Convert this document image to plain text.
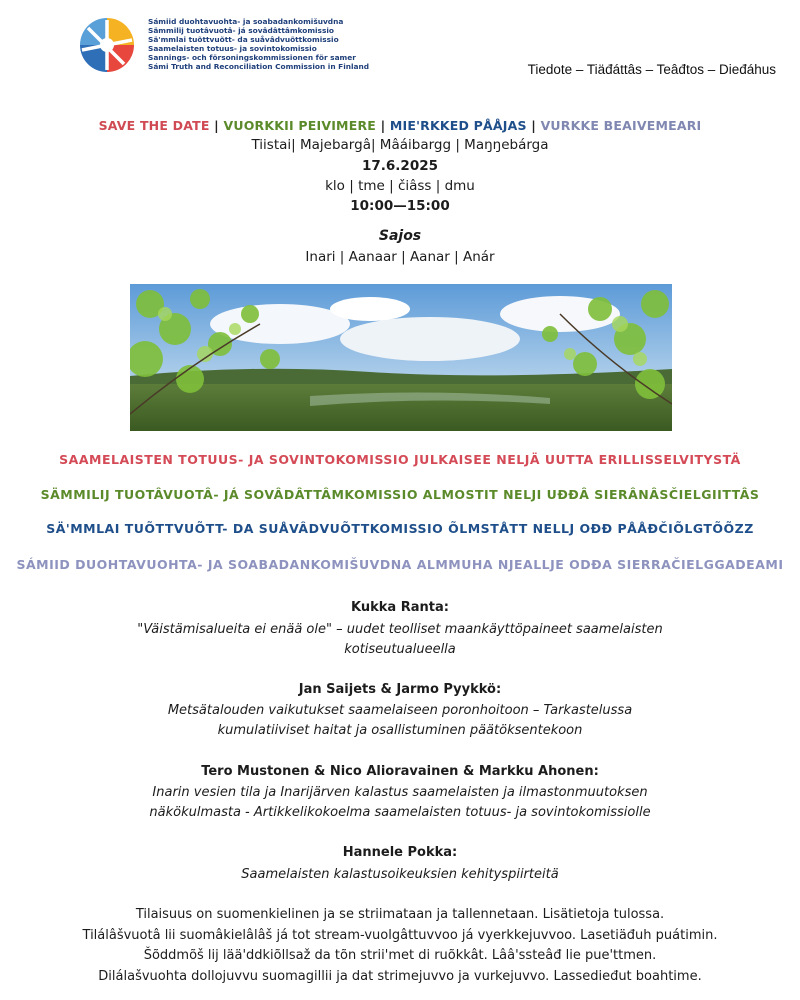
Sámiid duohtavuohta- ja soabadankomišuvdna
Sämmilij tuotâvuotâ- já sovâdâttâmkomissio
Sä'mmlai tuõttvuõtt- da suåvâdvuõttkomissio
Saamelaisten totuus- ja sovintokomissio
Sannings- och försoningskommissionen för samer
Sámi Truth and Reconciliation Commission in Finland	Tiedote – Tiäđáttâs – Teâđtos – Dieđáhus
SAVE THE DATE | VUORKKII PEIVIMERE | MIE'RKKED PÅÅJAS | VURKKE BEAIVEMEARI
Tiistai| Majebargâ| Mâáibargg | Maŋŋebárga
17.6.2025
klo | tme | čiâss | dmu
10:00—15:00
Sajos
Inari | Aanaar | Aanar | Anár
SAAMELAISTEN TOTUUS- JA SOVINTOKOMISSIO JULKAISEE NELJÄ UUTTA ERILLISSELVITYSTÄ
SÄMMILIJ TUOTÂVUOTÂ- JÁ SOVÂDÂTTÂMKOMISSIO ALMOSTIT NELJI UĐĐÂ SIERÂNÂSČIELGIITTÂS
SÄ'MMLAI TUÕTTVUÕTT- DA SUÅVÂDVUÕTTKOMISSIO ÕLMSTÅTT NELLJ OĐĐ PÅÅĐČIÕLGTÕÕZZ
SÁMIID DUOHTAVUOHTA- JA SOABADANKOMIŠUVDNA ALMMUHA NJEALLJE ODĐA SIERRAČIELGGADEAMI
Kukka Ranta:
"Väistämisalueita ei enää ole" – uudet teolliset maankäyttöpaineet saamelaisten
kotiseutualueella
Jan Saijets & Jarmo Pyykkö:
Metsätalouden vaikutukset saamelaiseen poronhoitoon – Tarkastelussa
kumulatiiviset haitat ja osallistuminen päätöksentekoon
Tero Mustonen & Nico Alioravainen & Markku Ahonen:
Inarin vesien tila ja Inarijärven kalastus saamelaisten ja ilmastonmuutoksen
näkökulmasta - Artikkelikokoelma saamelaisten totuus- ja sovintokomissiolle
Hannele Pokka:
Saamelaisten kalastusoikeuksien kehityspiirteitä
Tilaisuus on suomenkielinen ja se striimataan ja tallennetaan. Lisätietoja tulossa.
Tilálâšvuotâ lii suomâkielâlâš já tot stream-vuolgâttuvvoo já vyerkkejuvvoo. Lasetiäđuh puátimin.
Šõddmõš lij lää'ddkiõllsaž da tõn strii'met di ruõkkât. Lââ'ssteâđ lie pue'ttmen.
Dilálašvuohta dollojuvvu suomagillii ja dat strimejuvvo ja vurkejuvvo. Lassedieđut boahtime.
